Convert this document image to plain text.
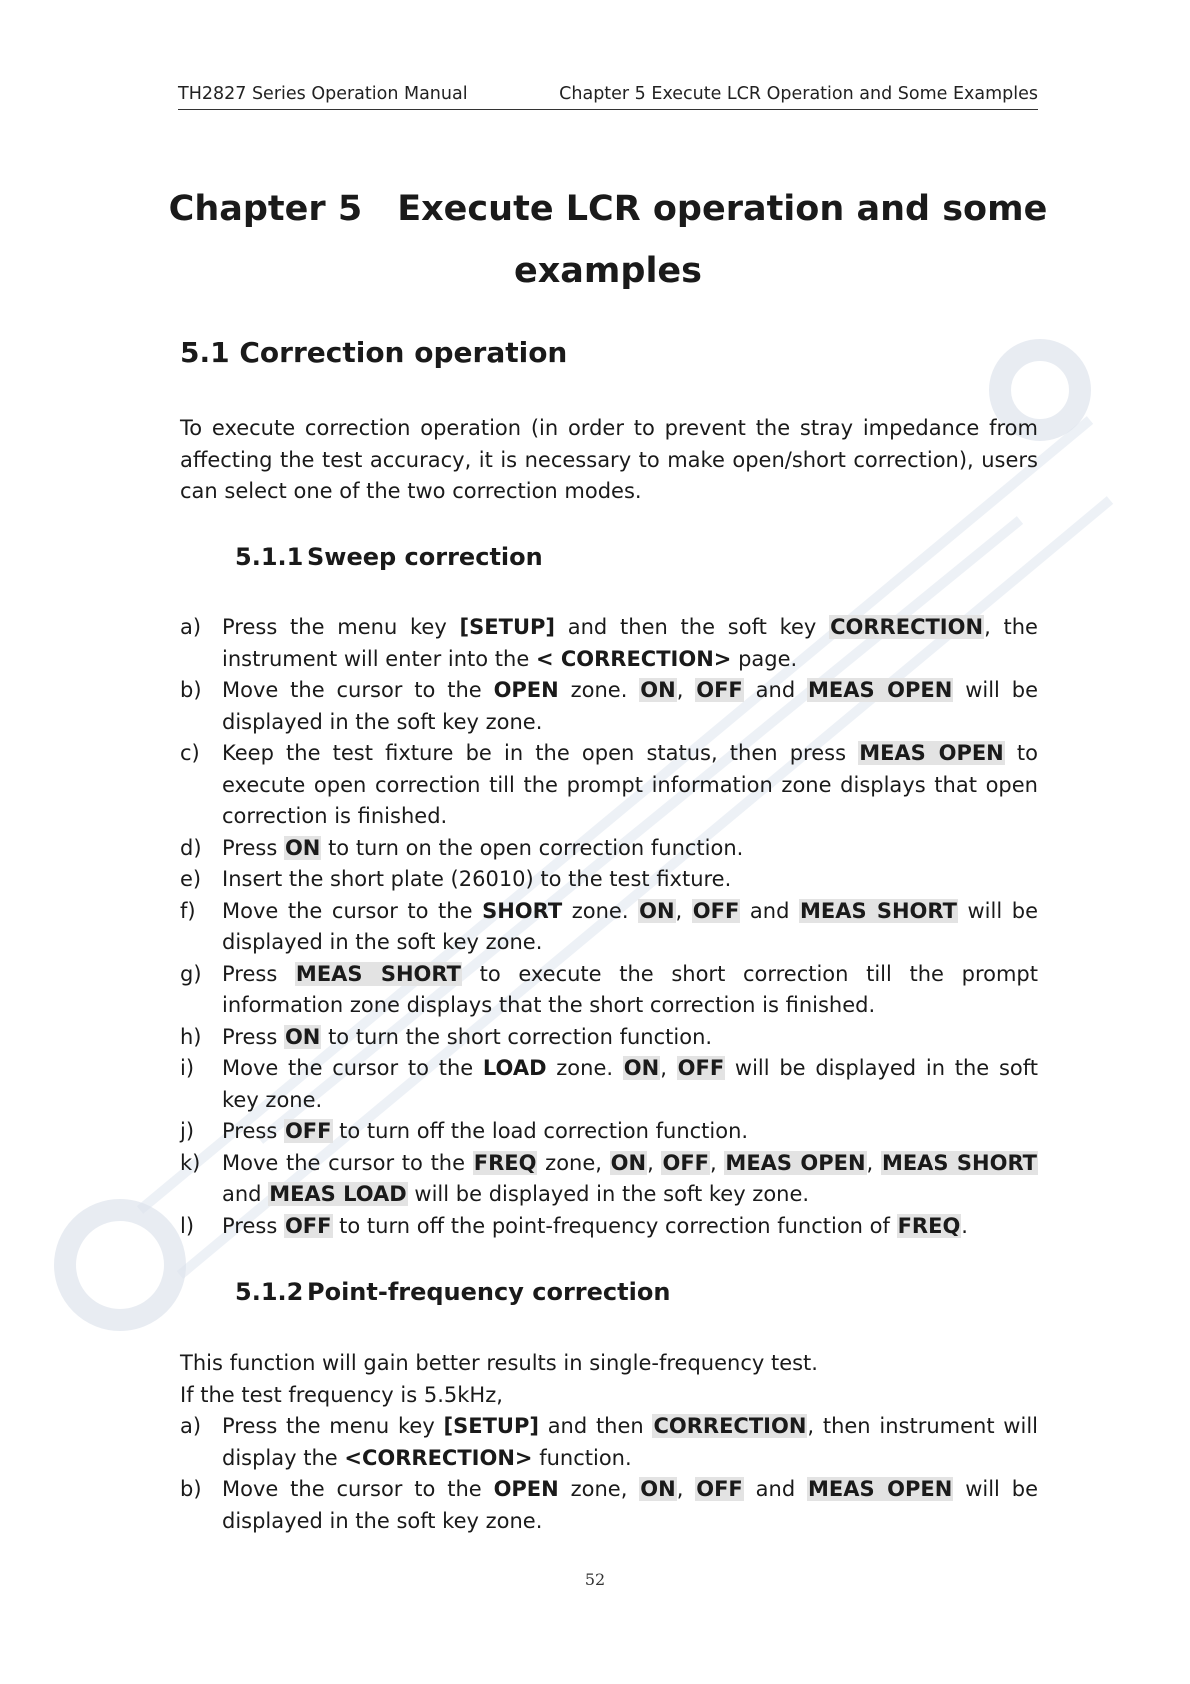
TH2827 Series Operation Manual	Chapter 5 Execute LCR Operation and Some Examples
Chapter 5 Execute LCR operation and some
examples
5.1 Correction operation
To execute correction operation (in order to prevent the stray impedance from affecting the test accuracy, it is necessary to make open/short correction), users can select one of the two correction modes.
5.1.1 Sweep correction
a) Press the menu key [SETUP] and then the soft key CORRECTION, the instrument will enter into the < CORRECTION> page.
b) Move the cursor to the OPEN zone. ON, OFF and MEAS OPEN will be displayed in the soft key zone.
c) Keep the test fixture be in the open status, then press MEAS OPEN to execute open correction till the prompt information zone displays that open correction is finished.
d) Press ON to turn on the open correction function.
e) Insert the short plate (26010) to the test fixture.
f) Move the cursor to the SHORT zone. ON, OFF and MEAS SHORT will be displayed in the soft key zone.
g) Press MEAS SHORT to execute the short correction till the prompt information zone displays that the short correction is finished.
h) Press ON to turn the short correction function.
i) Move the cursor to the LOAD zone. ON, OFF will be displayed in the soft key zone.
j) Press OFF to turn off the load correction function.
k) Move the cursor to the FREQ zone, ON, OFF, MEAS OPEN, MEAS SHORT and MEAS LOAD will be displayed in the soft key zone.
l) Press OFF to turn off the point-frequency correction function of FREQ.
5.1.2 Point-frequency correction
This function will gain better results in single-frequency test.
If the test frequency is 5.5kHz,
a) Press the menu key [SETUP] and then CORRECTION, then instrument will display the <CORRECTION> function.
b) Move the cursor to the OPEN zone, ON, OFF and MEAS OPEN will be displayed in the soft key zone.
52
